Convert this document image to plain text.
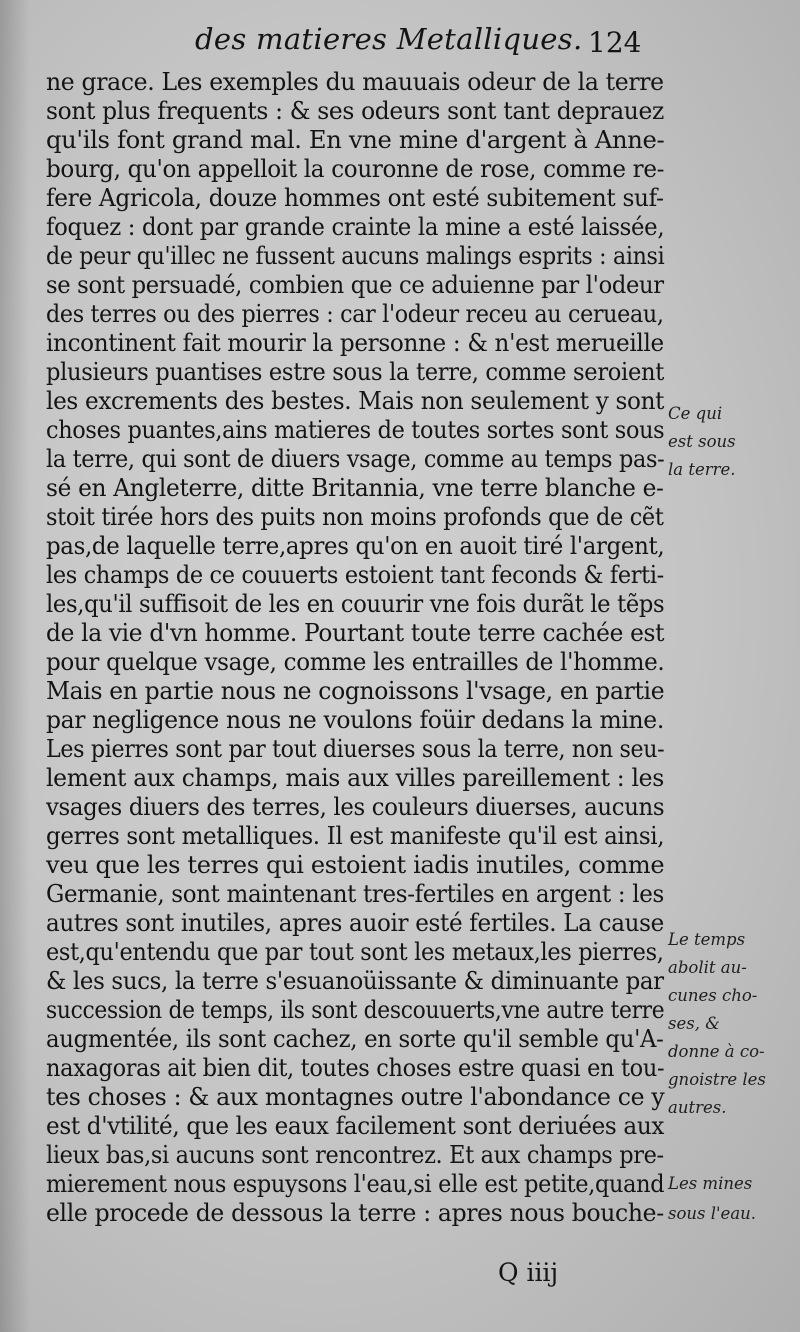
des matieres Metalliques. 124
ne grace. Les exemples du mauuais odeur de la terre
sont plus frequents : & ses odeurs sont tant deprauez
qu'ils font grand mal. En vne mine d'argent à Anne-
bourg, qu'on appelloit la couronne de rose, comme re-
fere Agricola, douze hommes ont esté subitement suf-
foquez : dont par grande crainte la mine a esté laissée,
de peur qu'illec ne fussent aucuns malings esprits : ainsi
se sont persuadé, combien que ce aduienne par l'odeur
des terres ou des pierres : car l'odeur receu au cerueau,
incontinent fait mourir la personne : & n'est merueille
plusieurs puantises estre sous la terre, comme seroient
les excrements des bestes. Mais non seulement y sont
choses puantes,ains matieres de toutes sortes sont sous
la terre, qui sont de diuers vsage, comme au temps pas-
sé en Angleterre, ditte Britannia, vne terre blanche e-
stoit tirée hors des puits non moins profonds que de cẽt
pas,de laquelle terre,apres qu'on en auoit tiré l'argent,
les champs de ce couuerts estoient tant feconds & ferti-
les,qu'il suffisoit de les en couurir vne fois durãt le tẽps
de la vie d'vn homme. Pourtant toute terre cachée est
pour quelque vsage, comme les entrailles de l'homme.
Mais en partie nous ne cognoissons l'vsage, en partie
par negligence nous ne voulons foüir dedans la mine.
Les pierres sont par tout diuerses sous la terre, non seu-
lement aux champs, mais aux villes pareillement : les
vsages diuers des terres, les couleurs diuerses, aucuns
gerres sont metalliques. Il est manifeste qu'il est ainsi,
veu que les terres qui estoient iadis inutiles, comme
Germanie, sont maintenant tres-fertiles en argent : les
autres sont inutiles, apres auoir esté fertiles. La cause
est,qu'entendu que par tout sont les metaux,les pierres,
& les sucs, la terre s'esuanoüissante & diminuante par
succession de temps, ils sont descouuerts,vne autre terre
augmentée, ils sont cachez, en sorte qu'il semble qu'A-
naxagoras ait bien dit, toutes choses estre quasi en tou-
tes choses : & aux montagnes outre l'abondance ce y
est d'vtilité, que les eaux facilement sont deriuées aux
lieux bas,si aucuns sont rencontrez. Et aux champs pre-
mierement nous espuysons l'eau,si elle est petite,quand
elle procede de dessous la terre : apres nous bouche-
Ce qui
est sous
la terre.
Le temps
abolit au-
cunes cho-
ses, &
donne à co-
gnoistre les
autres.
Les mines
sous l'eau.
Q iiij
